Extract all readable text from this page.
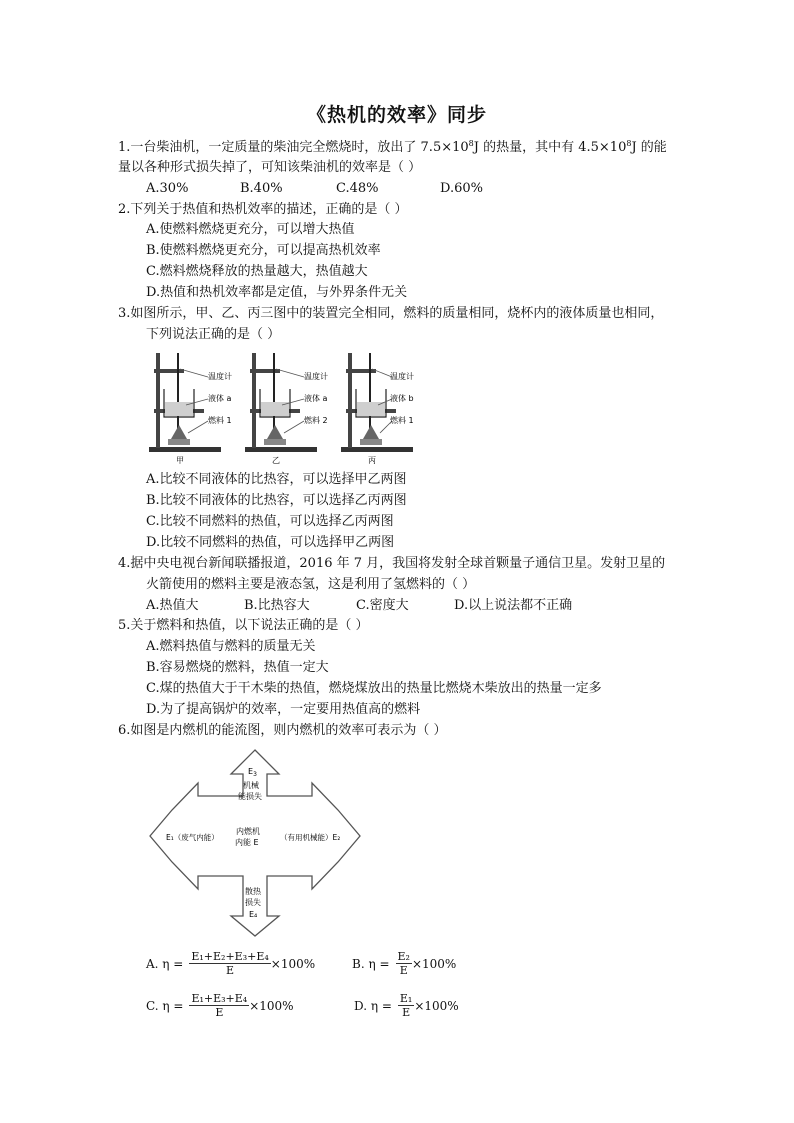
《热机的效率》同步
1.一台柴油机，一定质量的柴油完全燃烧时，放出了 $7.5\times 10^8J$ 的热量，其中有 $4.5\times 10^8J$ 的能
量以各种形式损失掉了，可知该柴油机的效率是（ ）
A.30%	B.40%	C.48%	D.60%
2.下列关于热值和热机效率的描述，正确的是（ ）
A.使燃料燃烧更充分，可以增大热值
B.使燃料燃烧更充分，可以提高热机效率
C.燃料燃烧释放的热量越大，热值越大
D.热值和热机效率都是定值，与外界条件无关
3.如图所示，甲、乙、丙三图中的装置完全相同，燃料的质量相同，烧杯内的液体质量也相同，
下列说法正确的是（ ）
温度计
液体 a
燃料 1
甲
温度计
液体 a
燃料 2
乙
温度计
液体 b
燃料 1
丙
A.比较不同液体的比热容，可以选择甲乙两图
B.比较不同液体的比热容，可以选择乙丙两图
C.比较不同燃料的热值，可以选择乙丙两图
D.比较不同燃料的热值，可以选择甲乙两图
4.据中央电视台新闻联播报道，2016 年 7 月，我国将发射全球首颗量子通信卫星。发射卫星的
火箭使用的燃料主要是液态氢，这是利用了氢燃料的（ ）
A.热值大	B.比热容大	C.密度大	D.以上说法都不正确
5.关于燃料和热值，以下说法正确的是（ ）
A.燃料热值与燃料的质量无关
B.容易燃烧的燃料，热值一定大
C.煤的热值大于干木柴的热值，燃烧煤放出的热量比燃烧木柴放出的热量一定多
D.为了提高锅炉的效率，一定要用热值高的燃料
6.如图是内燃机的能流图，则内燃机的效率可表示为（ ）
$E_3$
机械
能损失
内燃机
内能 E
E₁（废气内能）	（有用机械能）E₂
散热
损失
E₄
A. $\eta = \frac{\text{E₁+E₂+E₃+E₄}}{E} \times 100\%$	B. $\eta = \frac{\text{E₂}}{E} \times 100\%$
C. $\eta = \frac{\text{E₁+E₃+E₄}}{E} \times 100\%$	D. $\eta = \frac{\text{E₁}}{E} \times 100\%$
